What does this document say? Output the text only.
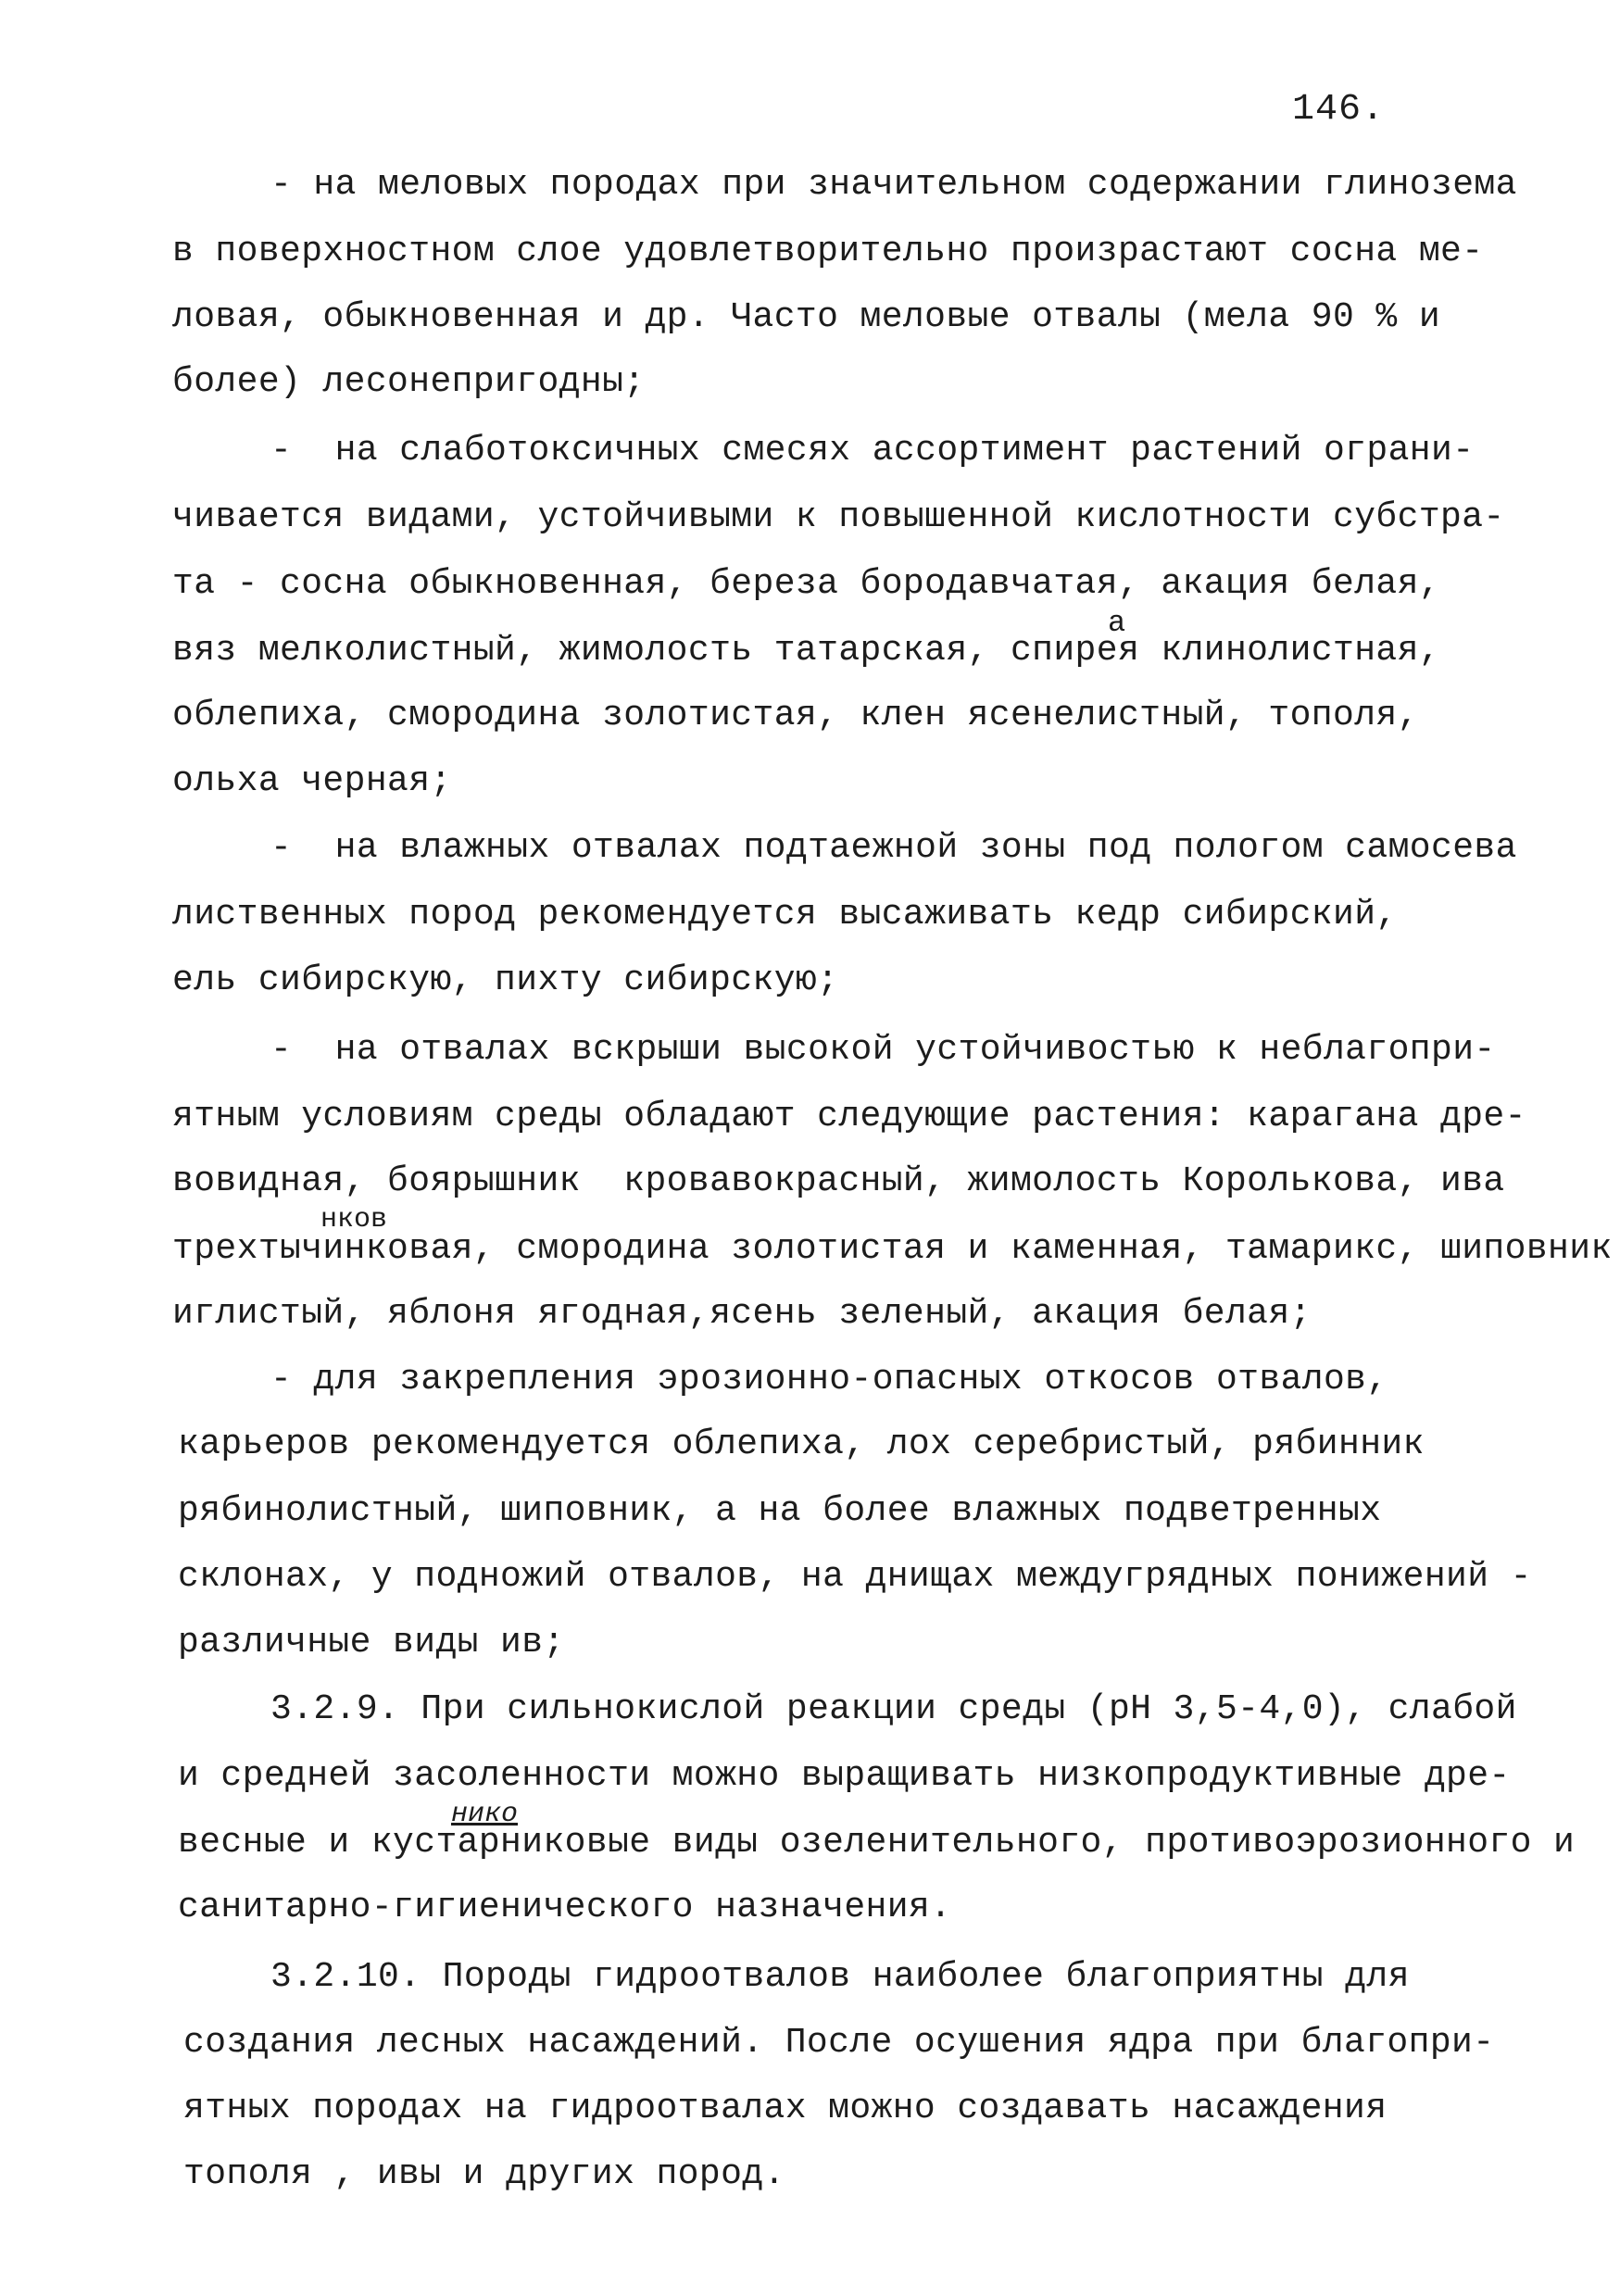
146.
- на меловых породах при значительном содержании глинозема
в поверхностном слое удовлетворительно произрастают сосна ме-
ловая, обыкновенная и др. Часто меловые отвалы (мела 90 % и
более) лесонепригодны;
-  на слаботоксичных смесях ассортимент растений ограни-
чивается видами, устойчивыми к повышенной кислотности субстра-
та - сосна обыкновенная, береза бородавчатая, акация белая,
вяз мелколистный, жимолость татарская, спирея клинолистная,
облепиха, смородина золотистая, клен ясенелистный, тополя,
ольха черная;
-  на влажных отвалах подтаежной зоны под пологом самосева
лиственных пород рекомендуется высаживать кедр сибирский,
ель сибирскую, пихту сибирскую;
-  на отвалах вскрыши высокой устойчивостью к неблагопри-
ятным условиям среды обладают следующие растения: карагана дре-
вовидная, боярышник  кровавокрасный, жимолость Королькова, ива
трехтычинковая, смородина золотистая и каменная, тамарикс, шиповник
иглистый, яблоня ягодная,ясень зеленый, акация белая;
- для закрепления эрозионно-опасных откосов отвалов,
карьеров рекомендуется облепиха, лох серебристый, рябинник
рябинолистный, шиповник, а на более влажных подветренных
склонах, у подножий отвалов, на днищах междугрядных понижений -
различные виды ив;
3.2.9. При сильнокислой реакции среды (рН 3,5-4,0), слабой
и средней засоленности можно выращивать низкопродуктивные дре-
весные и кустарниковые виды озеленительного, противоэрозионного и
санитарно-гигиенического назначения.
3.2.10. Породы гидроотвалов наиболее благоприятны для
создания лесных насаждений. После осушения ядра при благопри-
ятных породах на гидроотвалах можно создавать насаждения
тополя , ивы и других пород.
а
нков
нико
